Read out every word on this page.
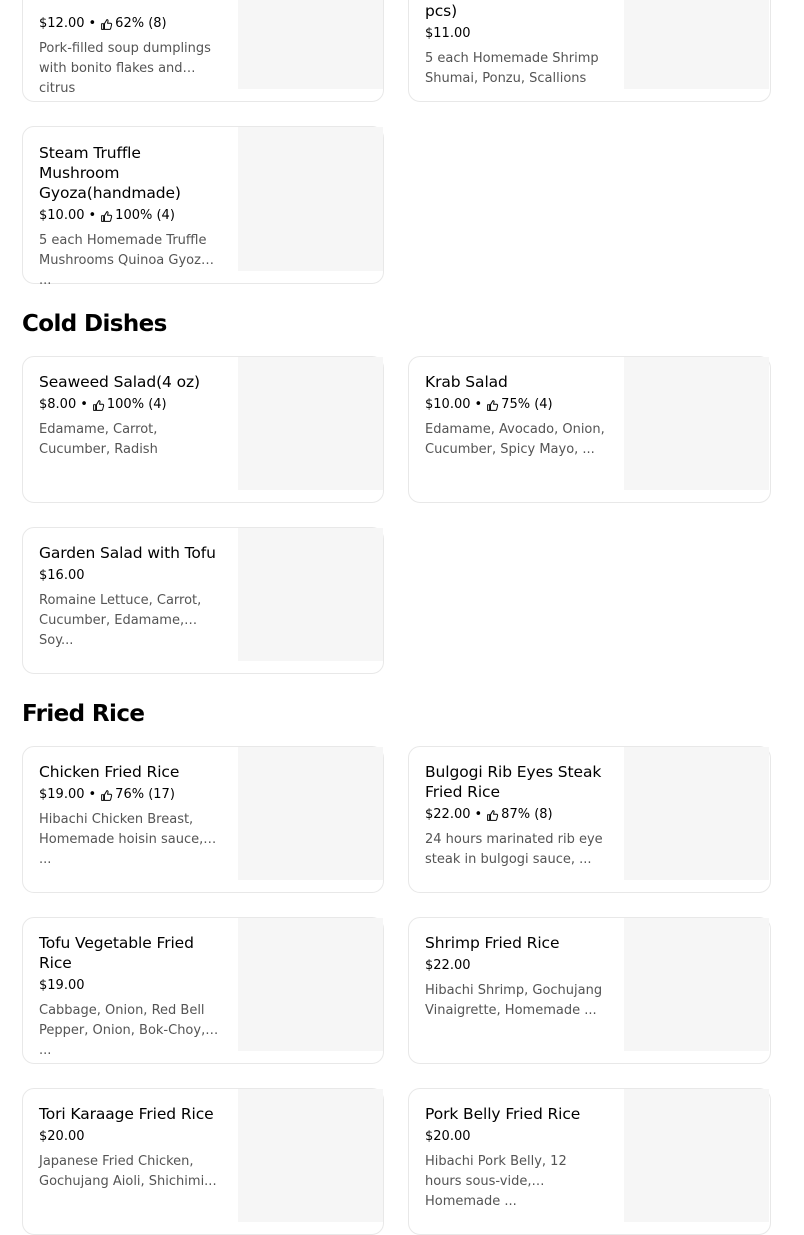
$12.00 • 62% (8)
Pork-filled soup dumplings with bonito flakes and citrus
pcs)
$11.00
5 each Homemade Shrimp Shumai, Ponzu, Scallions
Steam Truffle Mushroom Gyoza(handmade)
$10.00 • 100% (4)
5 each Homemade Truffle Mushrooms Quinoa Gyoza, ...
Cold Dishes
Seaweed Salad(4 oz)
$8.00 • 100% (4)
Edamame, Carrot, Cucumber, Radish
Krab Salad
$10.00 • 75% (4)
Edamame, Avocado, Onion, Cucumber, Spicy Mayo, ...
Garden Salad with Tofu
$16.00
Romaine Lettuce, Carrot, Cucumber, Edamame, Soy...
Fried Rice
Chicken Fried Rice
$19.00 • 76% (17)
Hibachi Chicken Breast, Homemade hoisin sauce, ...
Bulgogi Rib Eyes Steak Fried Rice
$22.00 • 87% (8)
24 hours marinated rib eye steak in bulgogi sauce, ...
Tofu Vegetable Fried Rice
$19.00
Cabbage, Onion, Red Bell Pepper, Onion, Bok-Choy, ...
Shrimp Fried Rice
$22.00
Hibachi Shrimp, Gochujang Vinaigrette, Homemade ...
Tori Karaage Fried Rice
$20.00
Japanese Fried Chicken, Gochujang Aioli, Shichimi...
Pork Belly Fried Rice
$20.00
Hibachi Pork Belly, 12 hours sous-vide, Homemade ...
